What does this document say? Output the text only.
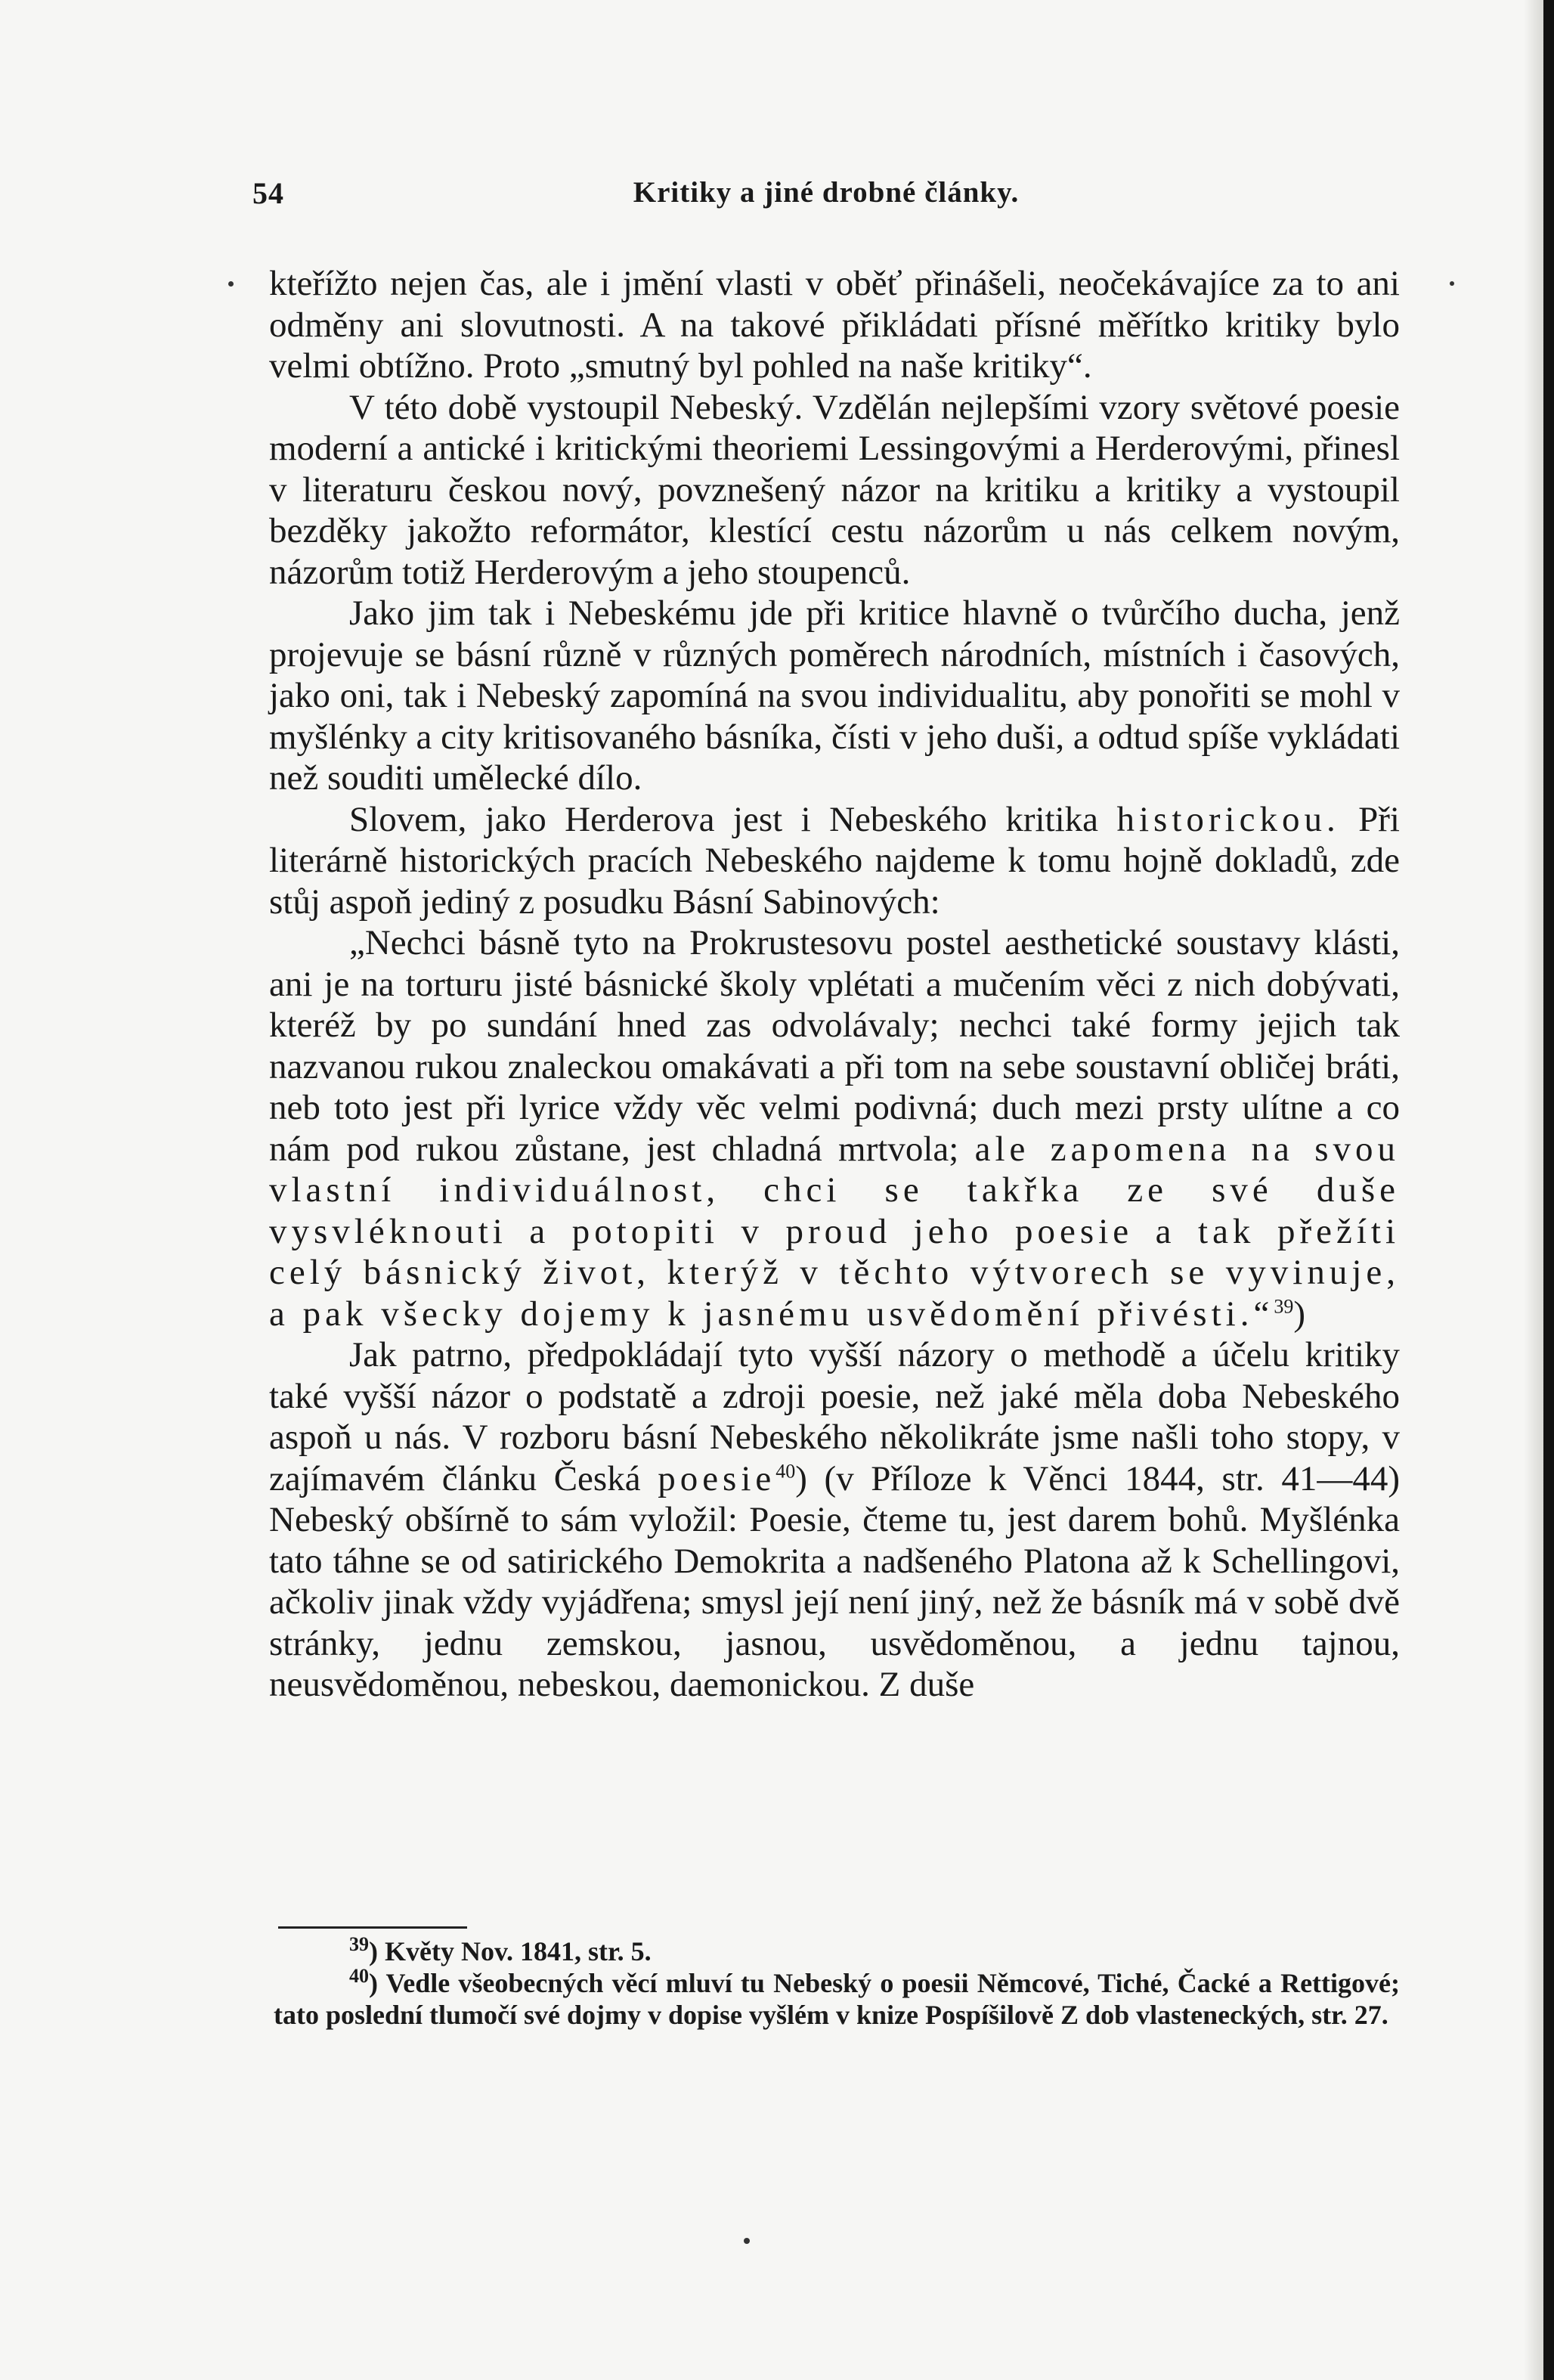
54	Kritiky a jiné drobné články.

kteřížto nejen čas, ale i jmění vlasti v oběť přinášeli, neočekávajíce za to ani odměny ani slovutnosti. A na takové přikládati přísné měřítko kritiky bylo velmi obtížno. Proto „smutný byl pohled na naše kritiky“.

V této době vystoupil Nebeský. Vzdělán nejlepšími vzory světové poesie moderní a antické i kritickými theoriemi Lessingovými a Herderovými, přinesl v literaturu českou nový, povznešený názor na kritiku a kritiky a vystoupil bezděky jakožto reformátor, klestící cestu názorům u nás celkem novým, názorům totiž Herderovým a jeho stoupenců.

Jako jim tak i Nebeskému jde při kritice hlavně o tvůrčího ducha, jenž projevuje se básní různě v různých poměrech národních, místních i časových, jako oni, tak i Nebeský zapomíná na svou individualitu, aby ponořiti se mohl v myšlénky a city kritisovaného básníka, čísti v jeho duši, a odtud spíše vykládati než souditi umělecké dílo.

Slovem, jako Herderova jest i Nebeského kritika historickou. Při literárně historických pracích Nebeského najdeme k tomu hojně dokladů, zde stůj aspoň jediný z posudku Básní Sabinových:

„Nechci básně tyto na Prokrustesovu postel aesthetické soustavy klásti, ani je na torturu jisté básnické školy vplétati a mučením věci z nich dobývati, kteréž by po sundání hned zas odvolávaly; nechci také formy jejich tak nazvanou rukou znaleckou omakávati a při tom na sebe soustavní obličej bráti, neb toto jest při lyrice vždy věc velmi podivná; duch mezi prsty ulítne a co nám pod rukou zůstane, jest chladná mrtvola; ale zapomena na svou vlastní individuálnost, chci se takřka ze své duše vysvléknouti a potopiti v proud jeho poesie a tak přežíti celý básnický život, kterýž v těchto výtvorech se vyvinuje, a pak všecky dojemy k jasnému usvědomění přivésti.“$^{39}$)

Jak patrno, předpokládají tyto vyšší názory o methodě a účelu kritiky také vyšší názor o podstatě a zdroji poesie, než jaké měla doba Nebeského aspoň u nás. V rozboru básní Nebeského několikráte jsme našli toho stopy, v zajímavém článku Česká poesie$^{40}$) (v Příloze k Věnci 1844, str. 41—44) Nebeský obšírně to sám vyložil: Poesie, čteme tu, jest darem bohů. Myšlénka tato táhne se od satirického Demokrita a nadšeného Platona až k Schellingovi, ačkoliv jinak vždy vyjádřena; smysl její není jiný, než že básník má v sobě dvě stránky, jednu zemskou, jasnou, usvědoměnou, a jednu tajnou, neusvědoměnou, nebeskou, daemonickou. Z duše

$^{39}$) Květy Nov. 1841, str. 5.

$^{40}$) Vedle všeobecných věcí mluví tu Nebeský o poesii Němcové, Tiché, Čacké a Rettigové; tato poslední tlumočí své dojmy v dopise vyšlém v knize Pospíšilově Z dob vlasteneckých, str. 27.
